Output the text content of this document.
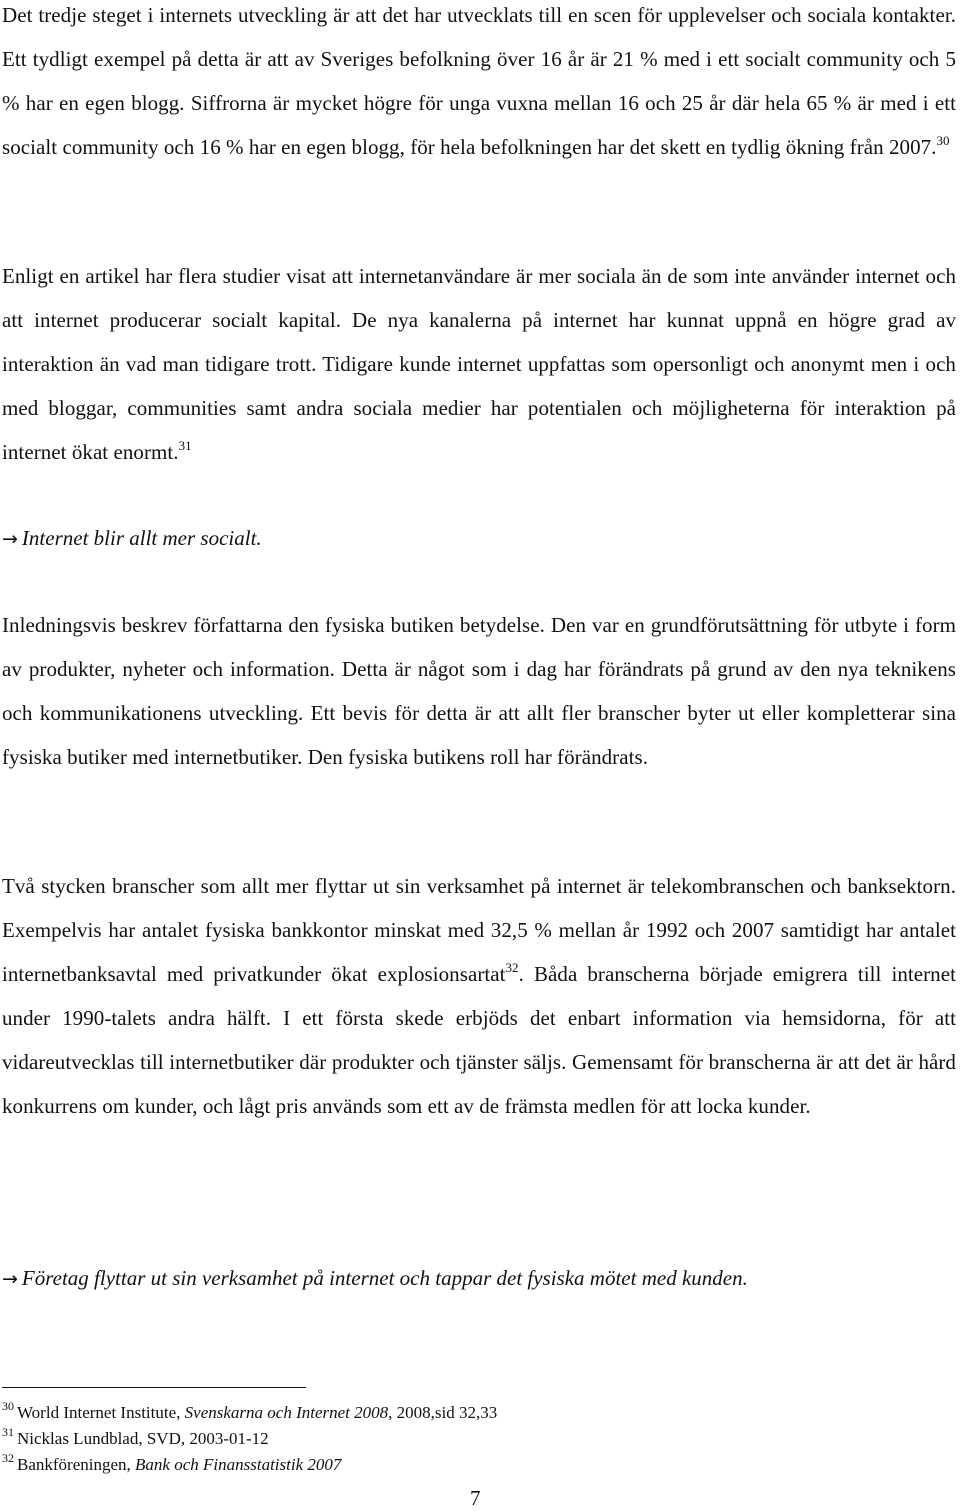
Det tredje steget i internets utveckling är att det har utvecklats till en scen för upplevelser och sociala kontakter. Ett tydligt exempel på detta är att av Sveriges befolkning över 16 år är 21 % med i ett socialt community och 5 % har en egen blogg. Siffrorna är mycket högre för unga vuxna mellan 16 och 25 år där hela 65 % är med i ett socialt community och 16 % har en egen blogg, för hela befolkningen har det skett en tydlig ökning från 2007.30

Enligt en artikel har flera studier visat att internetanvändare är mer sociala än de som inte använder internet och att internet producerar socialt kapital. De nya kanalerna på internet har kunnat uppnå en högre grad av interaktion än vad man tidigare trott. Tidigare kunde internet uppfattas som opersonligt och anonymt men i och med bloggar, communities samt andra sociala medier har potentialen och möjligheterna för interaktion på internet ökat enormt.$^{31}$

→ Internet blir allt mer socialt.

Inledningsvis beskrev författarna den fysiska butiken betydelse. Den var en grundförutsättning för utbyte i form av produkter, nyheter och information. Detta är något som i dag har förändrats på grund av den nya teknikens och kommunikationens utveckling. Ett bevis för detta är att allt fler branscher byter ut eller kompletterar sina fysiska butiker med internetbutiker. Den fysiska butikens roll har förändrats.

Två stycken branscher som allt mer flyttar ut sin verksamhet på internet är telekombranschen och banksektorn. Exempelvis har antalet fysiska bankkontor minskat med 32,5 % mellan år 1992 och 2007 samtidigt har antalet internetbanksavtal med privatkunder ökat explosionsartat$^{32}$. Båda branscherna började emigrera till internet under 1990-talets andra hälft. I ett första skede erbjöds det enbart information via hemsidorna, för att vidareutvecklas till internetbutiker där produkter och tjänster säljs. Gemensamt för branscherna är att det är hård konkurrens om kunder, och lågt pris används som ett av de främsta medlen för att locka kunder.

→ Företag flyttar ut sin verksamhet på internet och tappar det fysiska mötet med kunden.
$^{30}$ World Internet Institute, Svenskarna och Internet 2008, 2008,sid 32,33
$^{31}$ Nicklas Lundblad, SVD, 2003-01-12
$^{32}$ Bankföreningen, Bank och Finansstatistik 2007
7
